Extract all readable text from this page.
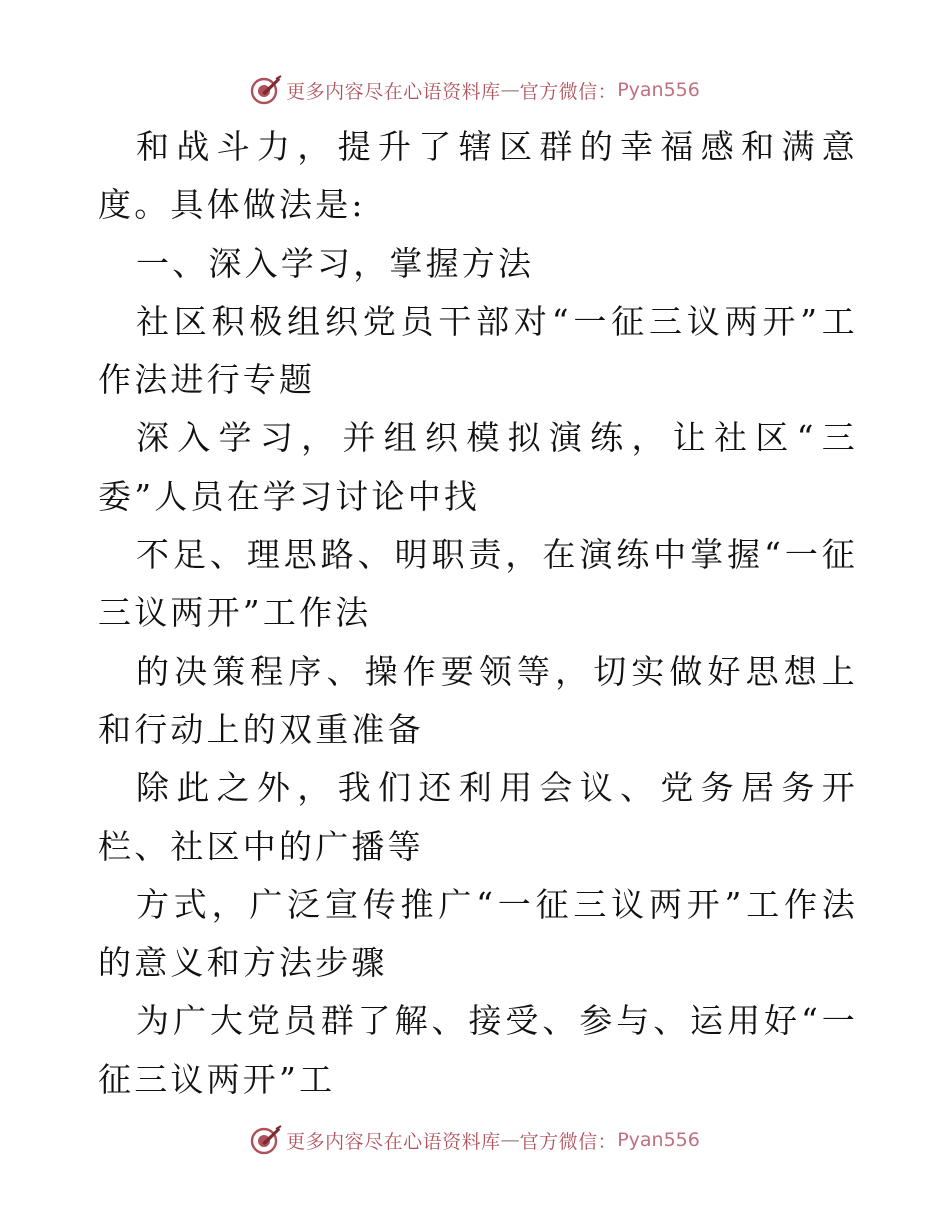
更多内容尽在心语资料库 — 官方微信： Pyan556

和战斗力，提升了辖区群的幸福感和满意度。具体做法是:

一、深入学习，掌握方法

社区积极组织党员干部对“一征三议两开”工作法进行专题

深入学习，并组织模拟演练，让社区“三委”人员在学习讨论中找

不足、理思路、明职责，在演练中掌握“一征三议两开”工作法

的决策程序、操作要领等，切实做好思想上和行动上的双重准备

除此之外，我们还利用会议、党务居务开栏、社区中的广播等

方式，广泛宣传推广“一征三议两开”工作法的意义和方法步骤

为广大党员群了解、接受、参与、运用好“一征三议两开”工

更多内容尽在心语资料库 — 官方微信： Pyan556
